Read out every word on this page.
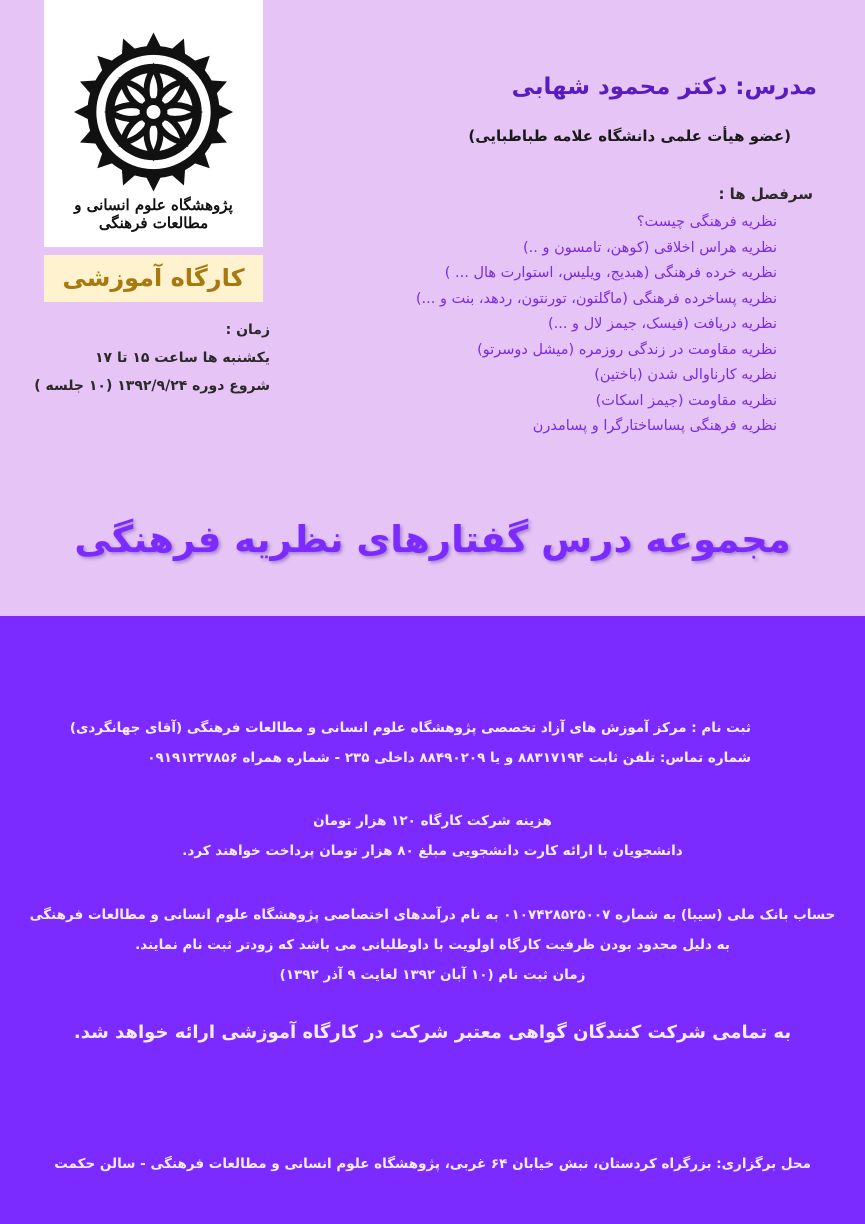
پژوهشگاه علوم انسانی و مطالعات فرهنگی
کارگاه آموزشی

زمان :

یکشنبه ها ساعت ۱۵ تا ۱۷

شروع دوره ۱۳۹۲/۹/۲۴ (۱۰ جلسه )

مدرس: دکتر محمود شهابی
(عضو هیأت علمی دانشگاه علامه طباطبایی)
سرفصل ها :
نظریه فرهنگی چیست؟
نظریه هراس اخلاقی (کوهن، تامسون و ..)
نظریه خرده فرهنگی (هبدیج، ویلیس، استوارت هال ... )
نظریه پساخرده فرهنگی (ماگلتون، تورنتون، ردهد، بنت و ...)
نظریه دریافت (فیسک، جیمز لال و ...)
نظریه مقاومت در زندگی روزمره (میشل دوسرتو)
نظریه کارناوالی شدن (باختین)
نظریه مقاومت (جیمز اسکات)
نظریه فرهنگی پساساختارگرا و پسامدرن
مجموعه درس گفتارهای نظریه فرهنگی

ثبت نام : مرکز آموزش های آزاد تخصصی پژوهشگاه علوم انسانی و مطالعات فرهنگی (آقای جهانگردی)

شماره تماس: تلفن ثابت ۸۸۳۱۷۱۹۴ و یا ۸۸۴۹۰۲۰۹ داخلی ۲۳۵ - شماره همراه ۰۹۱۹۱۲۲۷۸۵۶

هزینه شرکت کارگاه ۱۲۰ هزار تومان

دانشجویان با ارائه کارت دانشجویی مبلغ ۸۰ هزار تومان پرداخت خواهند کرد.

حساب بانک ملی (سیبا) به شماره ۰۱۰۷۴۲۸۵۲۵۰۰۷ به نام درآمدهای اختصاصی پژوهشگاه علوم انسانی و مطالعات فرهنگی

به دلیل محدود بودن ظرفیت کارگاه اولویت با داوطلبانی می باشد که زودتر ثبت نام نمایند.

زمان ثبت نام (۱۰ آبان ۱۳۹۲ لغایت ۹ آذر ۱۳۹۲)

به تمامی شرکت کنندگان گواهی معتبر شرکت در کارگاه آموزشی ارائه خواهد شد.
محل برگزاری: بزرگراه کردستان، نبش خیابان ۶۴ غربی، پژوهشگاه علوم انسانی و مطالعات فرهنگی - سالن حکمت
